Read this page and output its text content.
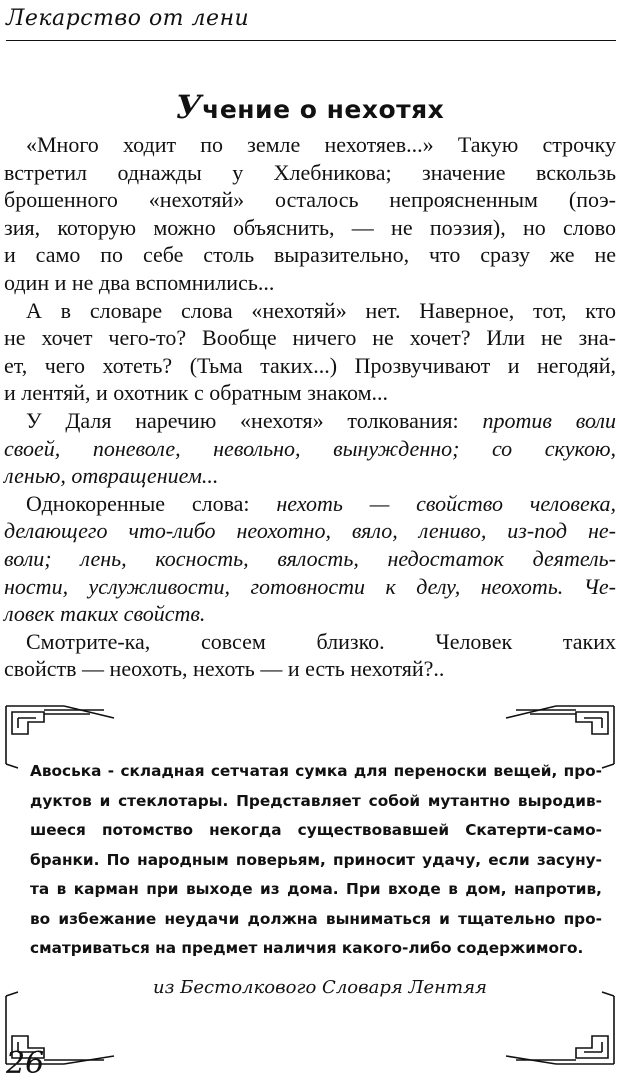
Лекарство от лени
Учение о нехотях

«Много ходит по земле нехотяев...» Такую строчку
встретил однажды у Хлебникова; значение вскользь
брошенного «нехотяй» осталось непроясненным (поэ-
зия, которую можно объяснить, — не поэзия), но слово
и само по себе столь выразительно, что сразу же не
один и не два вспомнились...

А в словаре слова «нехотяй» нет. Наверное, тот, кто
не хочет чего-то? Вообще ничего не хочет? Или не зна-
ет, чего хотеть? (Тьма таких...) Прозвучивают и негодяй,
и лентяй, и охотник с обратным знаком...

У Даля наречию «нехотя» толкования: против воли
своей, поневоле, невольно, вынужденно; со скукою,
ленью, отвращением...

Однокоренные слова: нехоть — свойство человека,
делающего что-либо неохотно, вяло, лениво, из-под не-
воли; лень, косность, вялость, недостаток деятель-
ности, услужливости, готовности к делу, неохоть. Че-
ловек таких свойств.

Смотрите-ка, совсем близко. Человек таких
свойств — неохоть, нехоть — и есть нехотяй?..

Авоська - складная сетчатая сумка для переноски вещей, про-
дуктов и стеклотары. Представляет собой мутантно выродив-
шееся потомство некогда существовавшей Скатерти-само-
бранки. По народным поверьям, приносит удачу, если засуну-
та в карман при выходе из дома. При входе в дом, напротив,
во избежание неудачи должна выниматься и тщательно про-
сматриваться на предмет наличия какого-либо содержимого.
из Бестолкового Словаря Лентяя
26
